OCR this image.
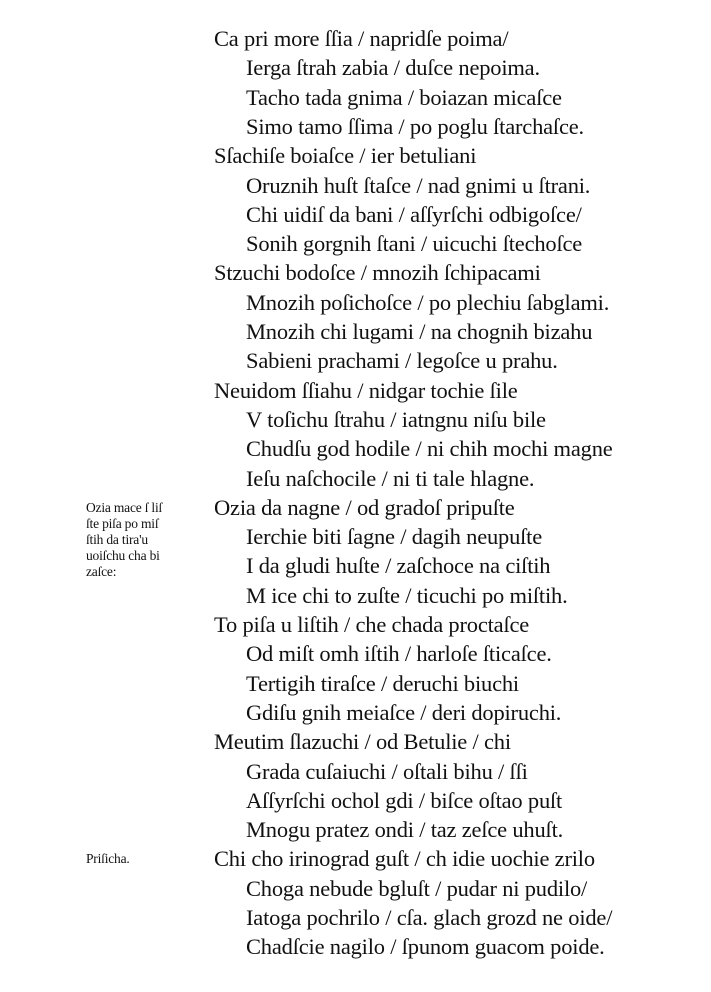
Ca pri more ſſia / napridſe poima/
Ierga ſtrah zabia / duſce nepoima.
Tacho tada gnima / boiazan micaſce
Simo tamo ſſima / po poglu ſtarchaſce.
Sſachiſe boiaſce / ier betuliani
Oruznih huſt ſtaſce / nad gnimi u ſtrani.
Chi uidiſ da bani / aſſyrſchi odbigoſce/
Sonih gorgnih ſtani / uicuchi ſtechoſce
Stzuchi bodoſce / mnozih ſchipacami
Mnozih poſichoſce / po plechiu ſabglami.
Mnozih chi lugami / na chognih bizahu
Sabieni prachami / legoſce u prahu.
Neuidom ſſiahu / nidgar tochie ſile
V toſichu ſtrahu / iatngnu niſu bile
Chudſu god hodile / ni chih mochi magne
Ieſu naſchocile / ni ti tale hlagne.
Ozia da nagne / od gradoſ pripuſte
Ierchie biti ſagne / dagih neupuſte
I da gludi huſte / zaſchoce na ciſtih
M ice chi to zuſte / ticuchi po miſtih.
To piſa u liſtih / che chada proctaſce
Od miſt omh iſtih / harloſe ſticaſce.
Tertigih tiraſce / deruchi biuchi
Gdiſu gnih meiaſce / deri dopiruchi.
Meutim ſlazuchi / od Betulie / chi
Grada cuſaiuchi / oſtali bihu / ſſi
Aſſyrſchi ochol gdi / biſce oſtao puſt
Mnogu pratez ondi / taz zeſce uhuſt.
Chi cho irinograd guſt / ch idie uochie zrilo
Choga nebude bgluſt / pudar ni pudilo/
Iatoga pochrilo / cſa. glach grozd ne oide/
Chadſcie nagilo / ſpunom guacom poide.
Ozia mace ſ liſ
ſte piſa po miſ
ſtih da tira'u
uoiſchu cha bi
zaſce:
Priſicha.
